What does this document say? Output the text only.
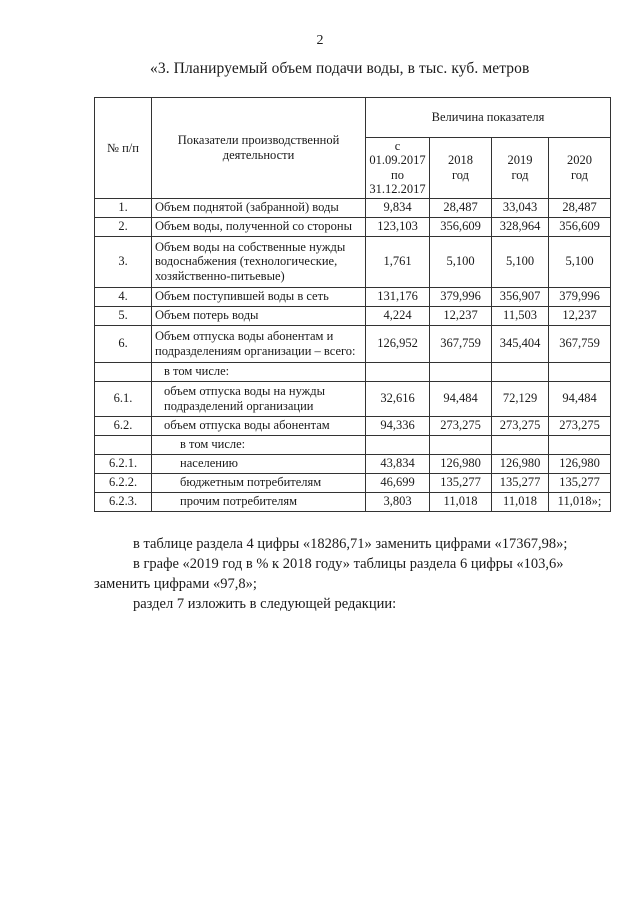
2
«3. Планируемый объем подачи воды, в тыс. куб. метров
№ п/п	Показатели производственной деятельности	Величина показателя			
		с 01.09.2017 по 31.12.2017	2018 год	2019 год	2020 год
1.	Объем поднятой (забранной) воды	9,834	28,487	33,043	28,487
2.	Объем воды, полученной со стороны	123,103	356,609	328,964	356,609
3.	Объем воды на собственные нужды водоснабжения (технологические, хозяйственно-питьевые)	1,761	5,100	5,100	5,100
4.	Объем поступившей воды в сеть	131,176	379,996	356,907	379,996
5.	Объем потерь воды	4,224	12,237	11,503	12,237
6.	Объем отпуска воды абонентам и подразделениям организации – всего:	126,952	367,759	345,404	367,759
	в том числе:				
6.1.	объем отпуска воды на нужды подразделений организации	32,616	94,484	72,129	94,484
6.2.	объем отпуска воды абонентам	94,336	273,275	273,275	273,275
	в том числе:				
6.2.1.	населению	43,834	126,980	126,980	126,980
6.2.2.	бюджетным потребителям	46,699	135,277	135,277	135,277
6.2.3.	прочим потребителям	3,803	11,018	11,018	11,018»;
в таблице раздела 4 цифры «18286,71» заменить цифрами «17367,98»;
в графе «2019 год в % к 2018 году» таблицы раздела 6 цифры «103,6»
заменить цифрами «97,8»;
раздел 7 изложить в следующей редакции:
